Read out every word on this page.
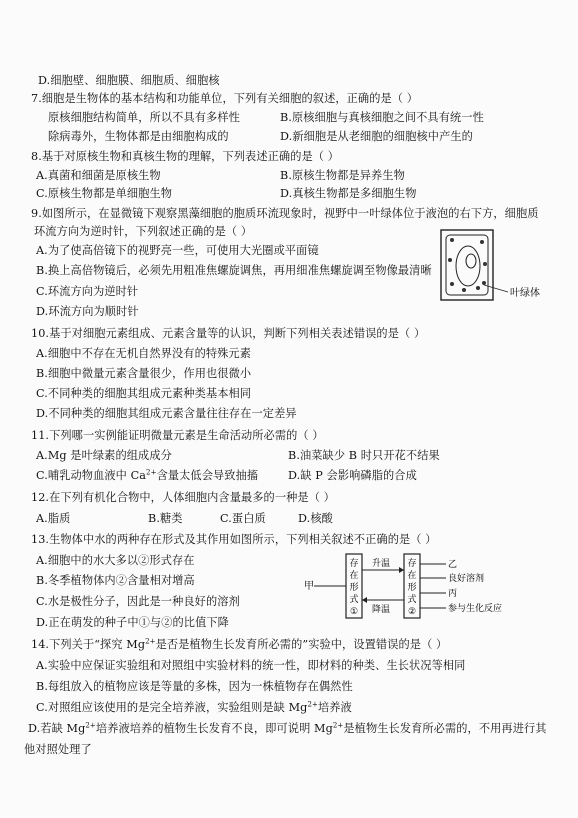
D.细胞壁、细胞膜、细胞质、细胞核
7.细胞是生物体的基本结构和功能单位，下列有关细胞的叙述，正确的是（ ）
原核细胞结构简单，所以不具有多样性	B.原核细胞与真核细胞之间不具有统一性
除病毒外，生物体都是由细胞构成的	D.新细胞是从老细胞的细胞核中产生的
8.基于对原核生物和真核生物的理解，下列表述正确的是（ ）
A.真菌和细菌是原核生物	B.原核生物都是异养生物
C.原核生物都是单细胞生物	D.真核生物都是多细胞生物
9.如图所示，在显微镜下观察黑藻细胞的胞质环流现象时，视野中一叶绿体位于液泡的右下方，细胞质
环流方向为逆时针，下列叙述正确的是（ ）
A.为了使高倍镜下的视野亮一些，可使用大光圈或平面镜
B.换上高倍物镜后，必须先用粗准焦螺旋调焦，再用细准焦螺旋调至物像最清晰
C.环流方向为逆时针
D.环流方向为顺时针
叶绿体
10.基于对细胞元素组成、元素含量等的认识，判断下列相关表述错误的是（ ）
A.细胞中不存在无机自然界没有的特殊元素
B.细胞中微量元素含量很少，作用也很微小
C.不同种类的细胞其组成元素种类基本相同
D.不同种类的细胞其组成元素含量往往存在一定差异
11.下列哪一实例能证明微量元素是生命活动所必需的（ ）
A.Mg 是叶绿素的组成成分	B.油菜缺少 B 时只开花不结果
C.哺乳动物血液中 $Ca^{2+}$含量太低会导致抽搐	D.缺 P 会影响磷脂的合成
12.在下列有机化合物中，人体细胞内含量最多的一种是（ ）
A.脂质	B.糖类	C.蛋白质	D.核酸
13.生物体中水的两种存在形式及其作用如图所示，下列相关叙述不正确的是（ ）
A.细胞中的水大多以②形式存在
B.冬季植物体内②含量相对增高
C.水是极性分子，因此是一种良好的溶剂
D.正在萌发的种子中①与②的比值下降
甲
存
在
形
式
①
升温
降温
存
在
形
式
②
乙
良好溶剂
丙
参与生化反应
14.下列关于“探究 $Mg^{2+}$是否是植物生长发育所必需的”实验中，设置错误的是（ ）
A.实验中应保证实验组和对照组中实验材料的统一性，即材料的种类、生长状况等相同
B.每组放入的植物应该是等量的多株，因为一株植物存在偶然性
C.对照组应该使用的是完全培养液，实验组则是缺 $Mg^{2+}$培养液
D.若缺 $Mg^{2+}$培养液培养的植物生长发育不良，即可说明 $Mg^{2+}$是植物生长发育所必需的，不用再进行其
他对照处理了
